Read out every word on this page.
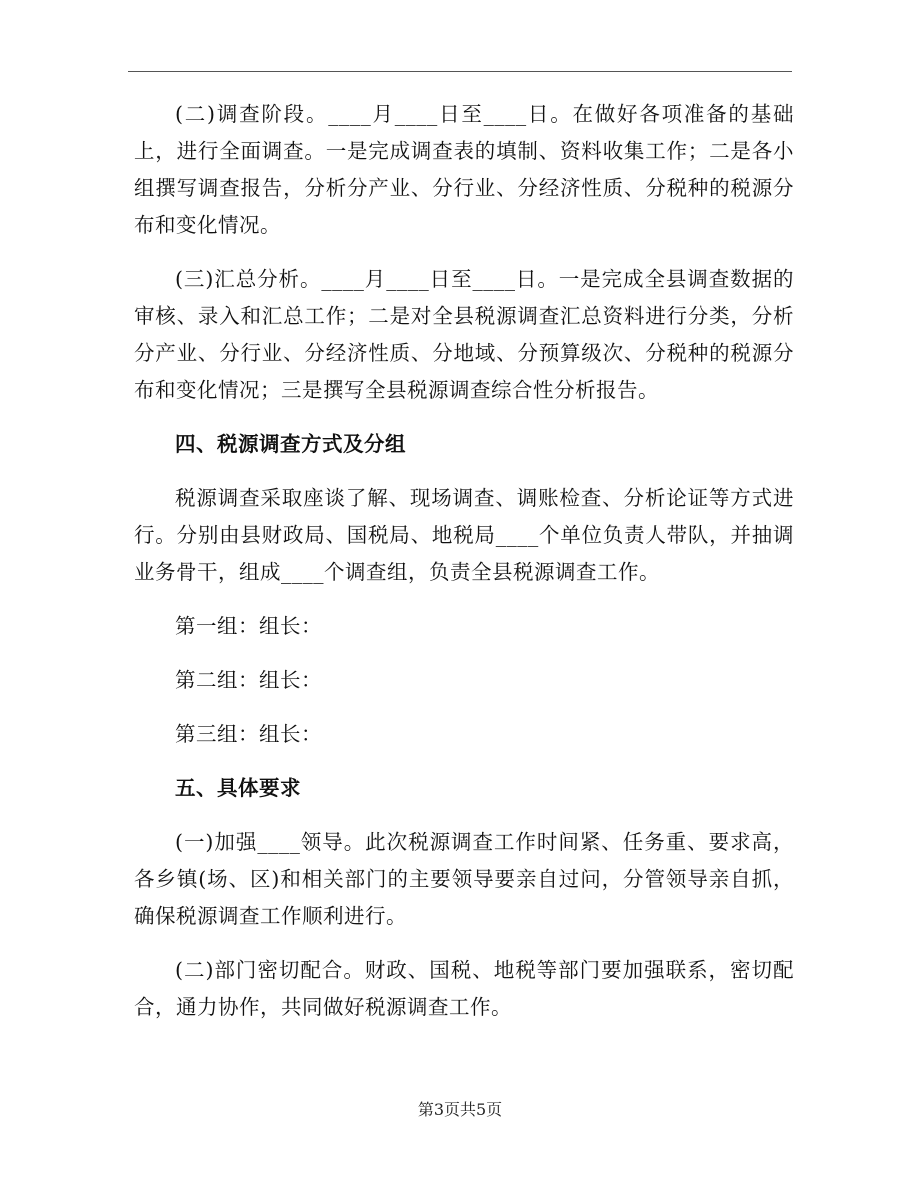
(二)调查阶段。____月____日至____日。在做好各项准备的基础上，进行全面调查。一是完成调查表的填制、资料收集工作；二是各小组撰写调查报告，分析分产业、分行业、分经济性质、分税种的税源分布和变化情况。

(三)汇总分析。____月____日至____日。一是完成全县调查数据的审核、录入和汇总工作；二是对全县税源调查汇总资料进行分类，分析分产业、分行业、分经济性质、分地域、分预算级次、分税种的税源分布和变化情况；三是撰写全县税源调查综合性分析报告。

四、税源调查方式及分组

税源调查采取座谈了解、现场调查、调账检查、分析论证等方式进行。分别由县财政局、国税局、地税局____个单位负责人带队，并抽调业务骨干，组成____个调查组，负责全县税源调查工作。

第一组：组长：

第二组：组长：

第三组：组长：

五、具体要求

(一)加强____领导。此次税源调查工作时间紧、任务重、要求高，各乡镇(场、区)和相关部门的主要领导要亲自过问，分管领导亲自抓，确保税源调查工作顺利进行。

(二)部门密切配合。财政、国税、地税等部门要加强联系，密切配合，通力协作，共同做好税源调查工作。

第3页共5页
